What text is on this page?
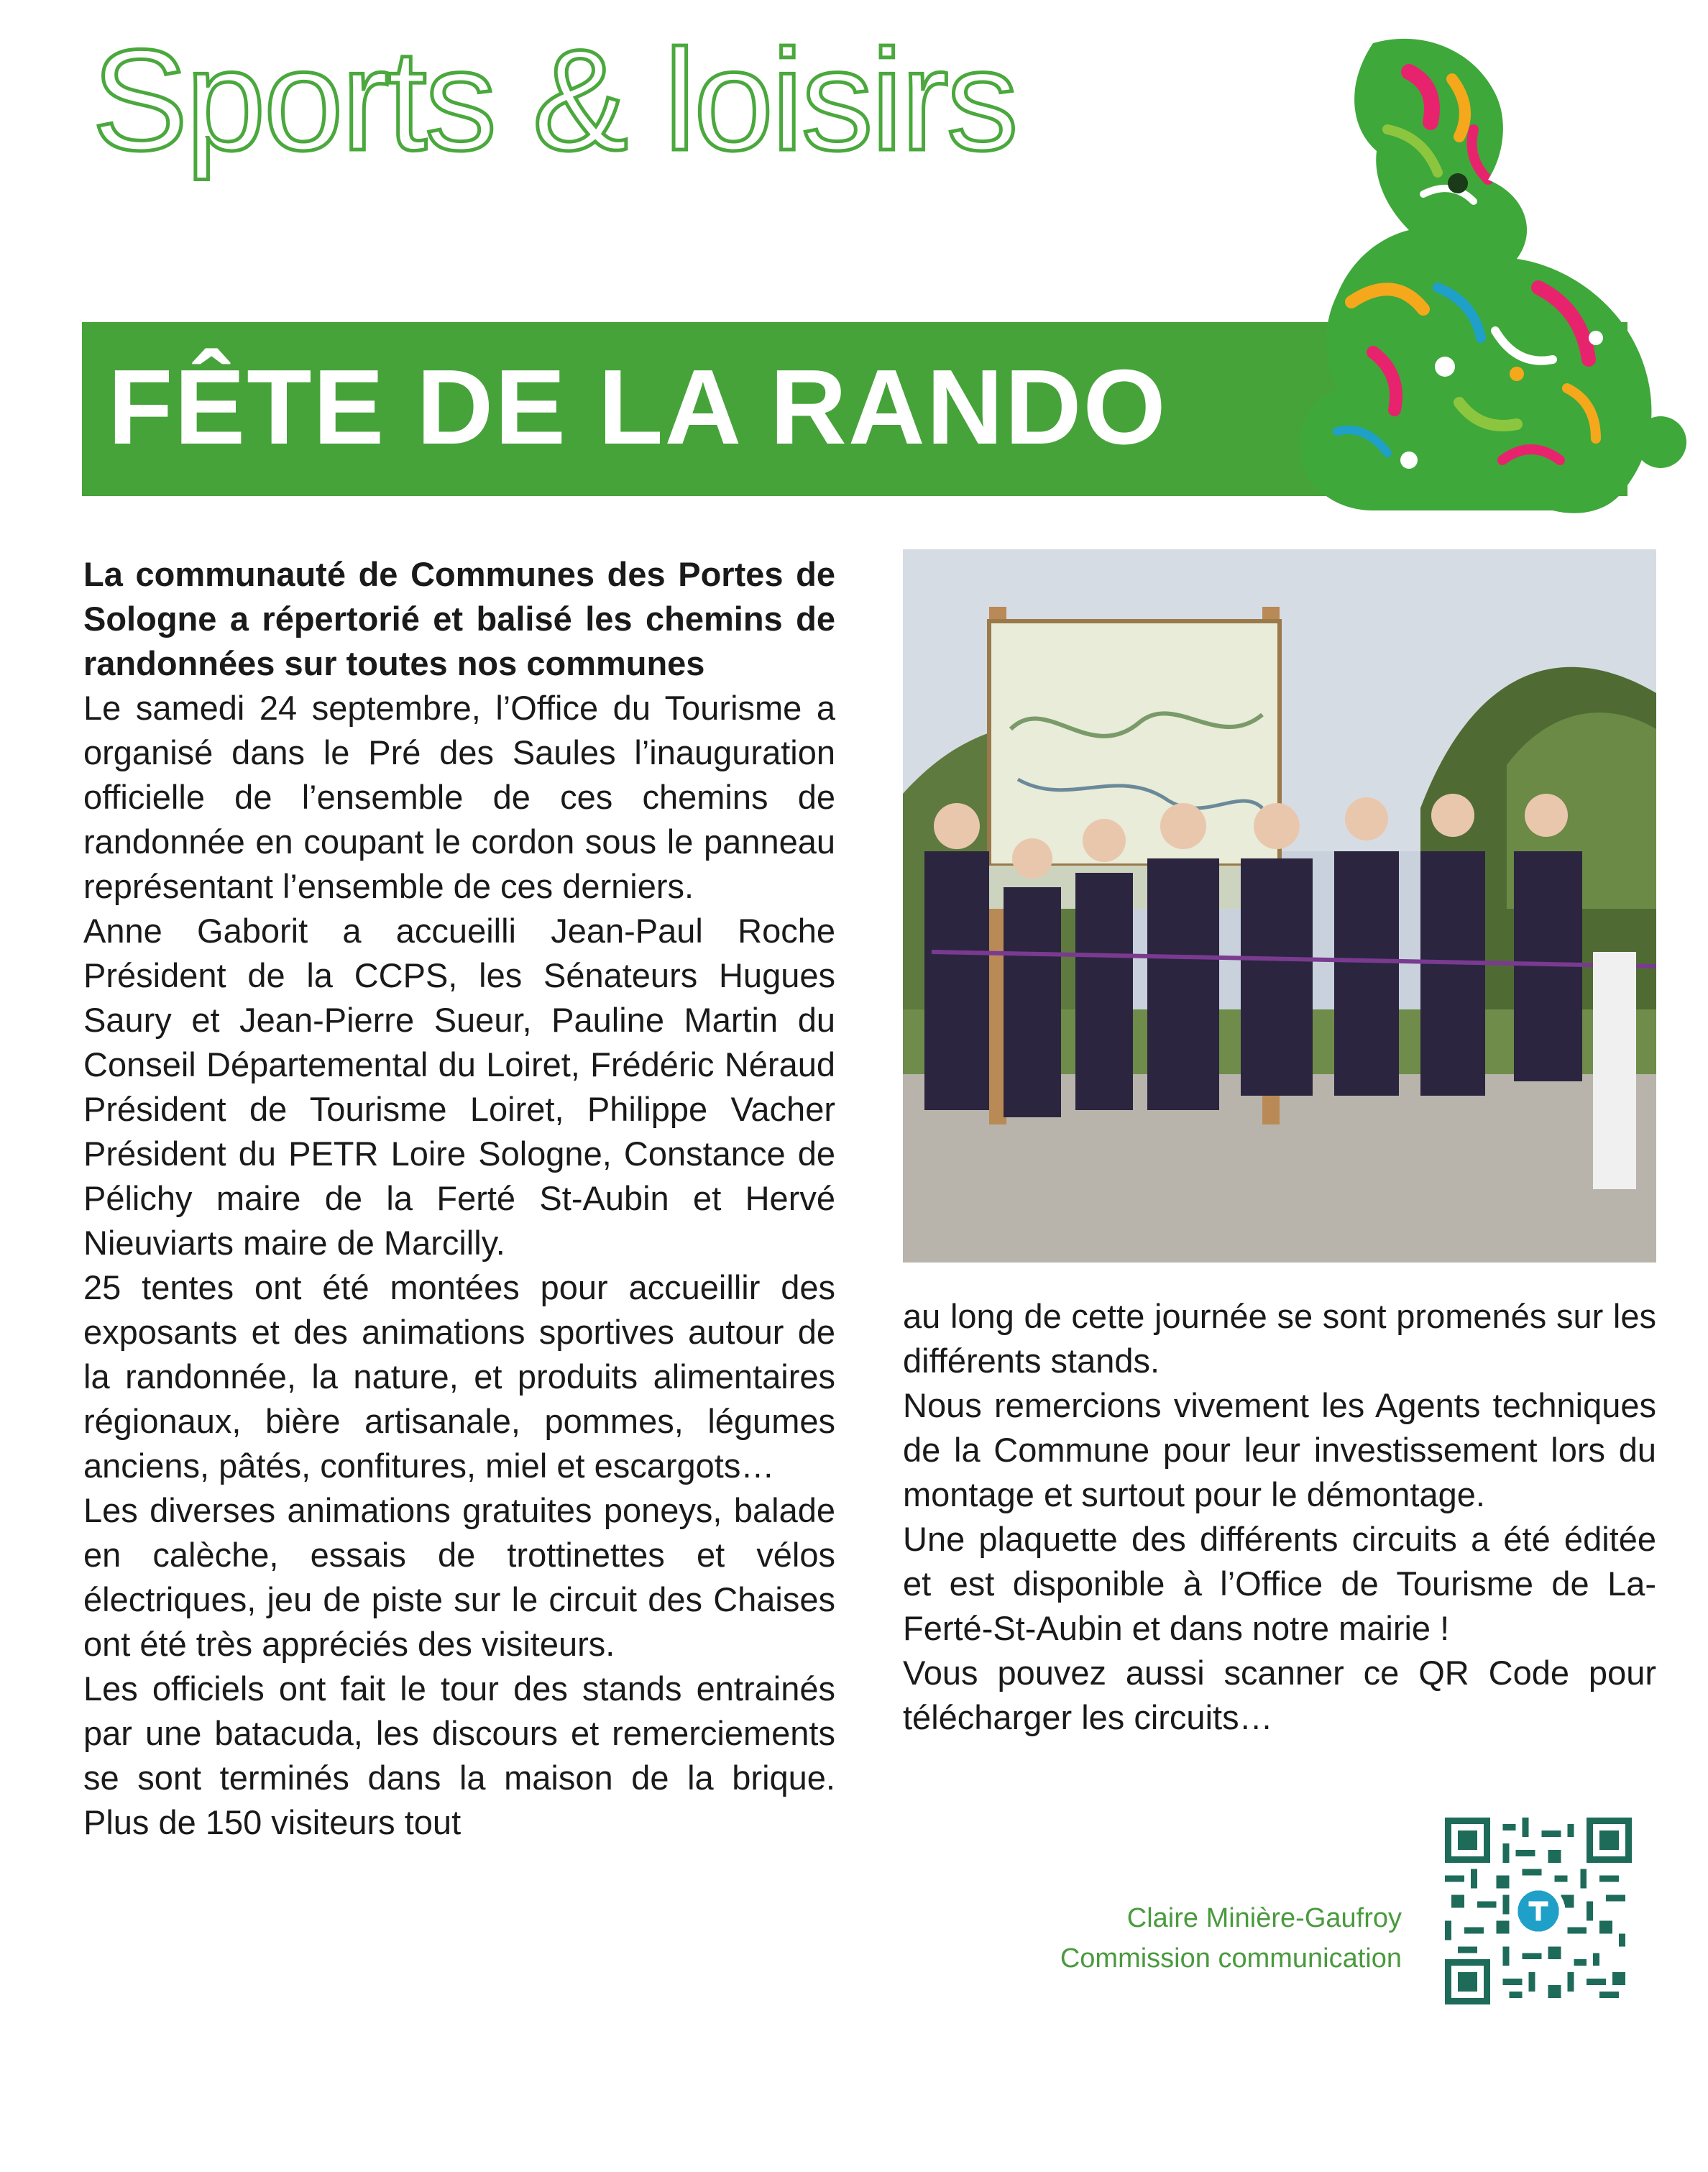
Sports & loisirs
FÊTE DE LA RANDO

La communauté de Communes des Portes de Sologne a répertorié et balisé les chemins de randonnées sur toutes nos communes

Le samedi 24 septembre, l’Office du Tourisme a organisé dans le Pré des Saules l’inauguration officielle de l’ensemble de ces chemins de randonnée en coupant le cordon sous le panneau représentant l’ensemble de ces derniers.

Anne Gaborit a accueilli Jean-Paul Roche Président de la CCPS, les Sénateurs Hugues Saury et Jean-Pierre Sueur, Pauline Martin du Conseil Départemental du Loiret, Frédéric Néraud Président de Tourisme Loiret, Philippe Vacher Président du PETR Loire Sologne, Constance de Pélichy maire de la Ferté St-Aubin et Hervé Nieuviarts maire de Marcilly.

25 tentes ont été montées pour accueillir des exposants et des animations sportives autour de la randonnée, la nature, et produits alimentaires régionaux, bière artisanale, pommes, légumes anciens, pâtés, confitures, miel et escargots…

Les diverses animations gratuites poneys, balade en calèche, essais de trottinettes et vélos électriques, jeu de piste sur le circuit des Chaises ont été très appréciés des visiteurs.

Les officiels ont fait le tour des stands entrainés par une batacuda, les discours et remerciements se sont terminés dans la maison de la brique. Plus de 150 visiteurs tout

au long de cette journée se sont promenés sur les différents stands.

Nous remercions vivement les Agents techniques de la Commune pour leur investissement lors du montage et surtout pour le démontage.

Une plaquette des différents circuits a été éditée et est disponible à l’Office de Tourisme de La-Ferté-St-Aubin et dans notre mairie !

Vous pouvez aussi scanner ce QR Code pour télécharger les circuits…

Claire Minière-Gaufroy
Commission communication
